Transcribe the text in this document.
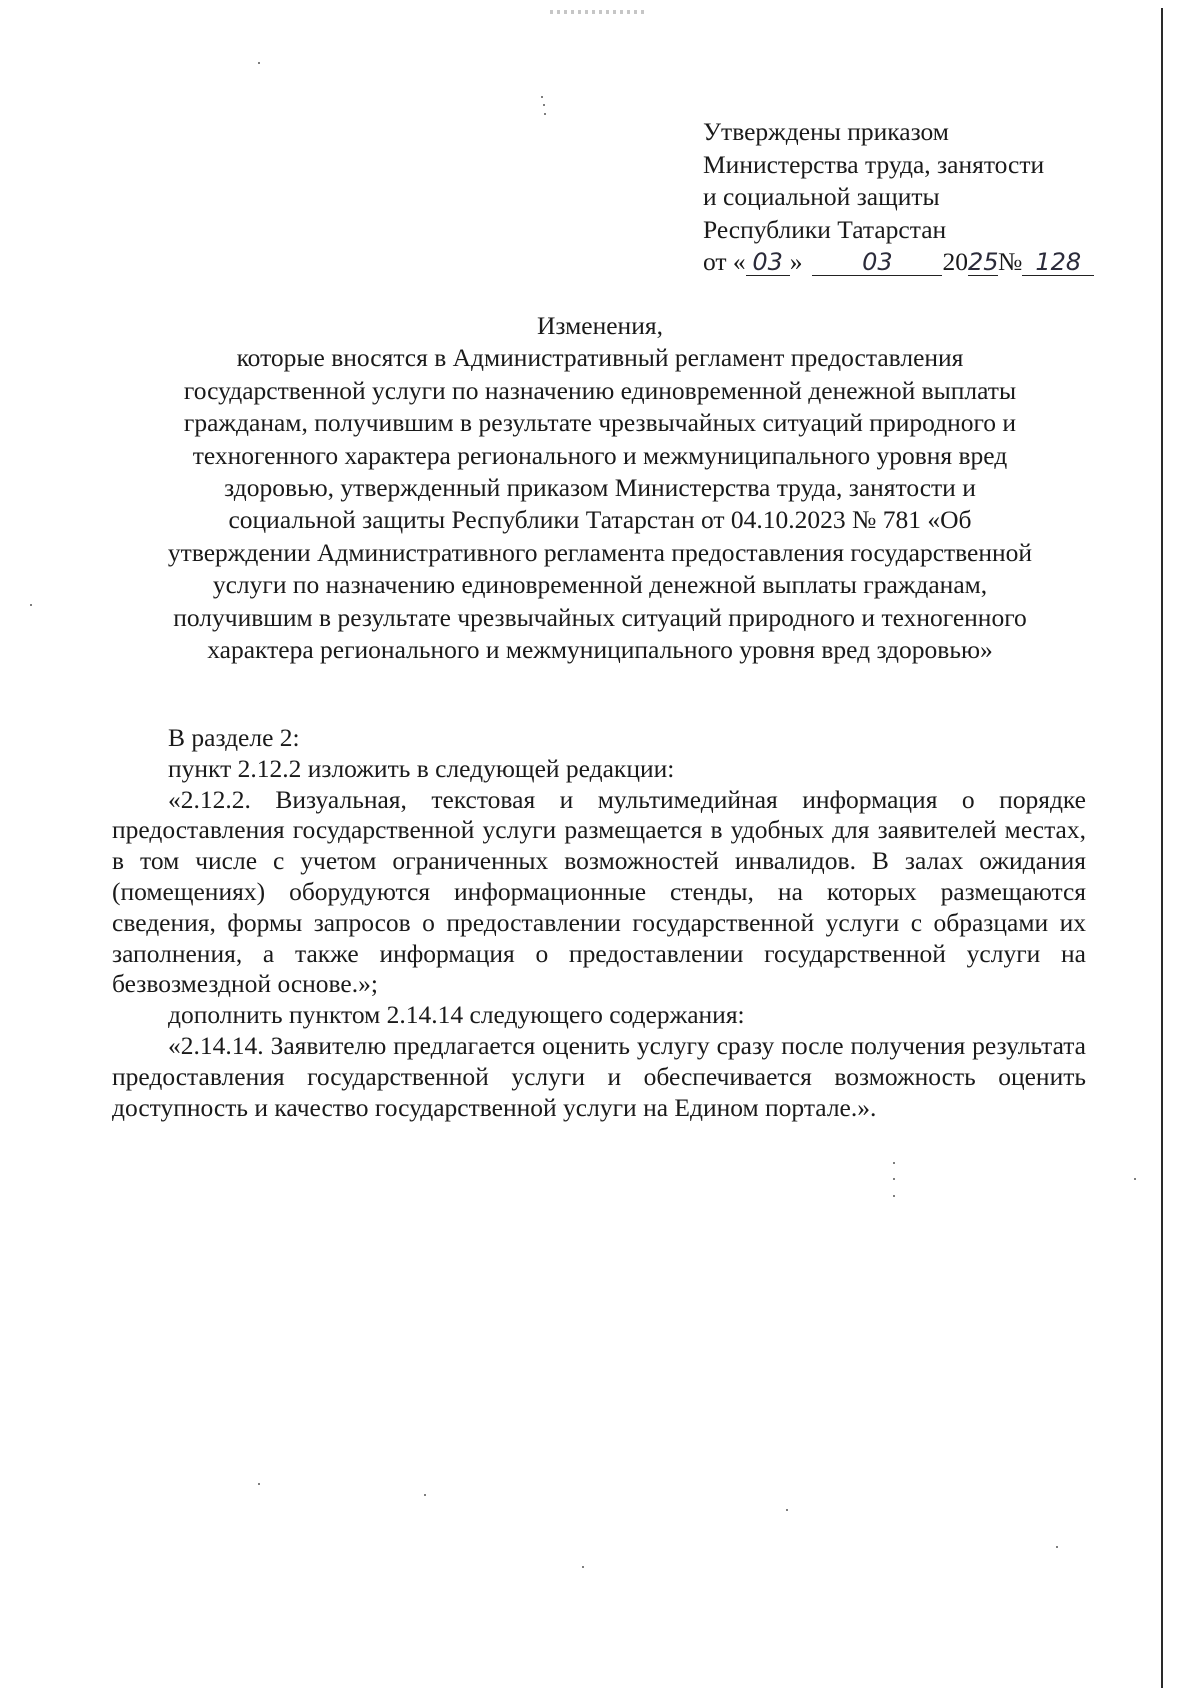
Утверждены приказом
Министерства труда, занятости
и социальной защиты
Республики Татарстан
от « 03 » 03 2025№ 128
Изменения,
которые вносятся в Административный регламент предоставления
государственной услуги по назначению единовременной денежной выплаты
гражданам, получившим в результате чрезвычайных ситуаций природного и
техногенного характера регионального и межмуниципального уровня вред
здоровью, утвержденный приказом Министерства труда, занятости и
социальной защиты Республики Татарстан от 04.10.2023 № 781 «Об
утверждении Административного регламента предоставления государственной
услуги по назначению единовременной денежной выплаты гражданам,
получившим в результате чрезвычайных ситуаций природного и техногенного
характера регионального и межмуниципального уровня вред здоровью»

В разделе 2:

пункт 2.12.2 изложить в следующей редакции:

«2.12.2. Визуальная, текстовая и мультимедийная информация о порядке предоставления государственной услуги размещается в удобных для заявителей местах, в том числе с учетом ограниченных возможностей инвалидов. В залах ожидания (помещениях) оборудуются информационные стенды, на которых размещаются сведения, формы запросов о предоставлении государственной услуги с образцами их заполнения, а также информация о предоставлении государственной услуги на безвозмездной основе.»;

дополнить пунктом 2.14.14 следующего содержания:

«2.14.14. Заявителю предлагается оценить услугу сразу после получения результата предоставления государственной услуги и обеспечивается возможность оценить доступность и качество государственной услуги на Едином портале.».
